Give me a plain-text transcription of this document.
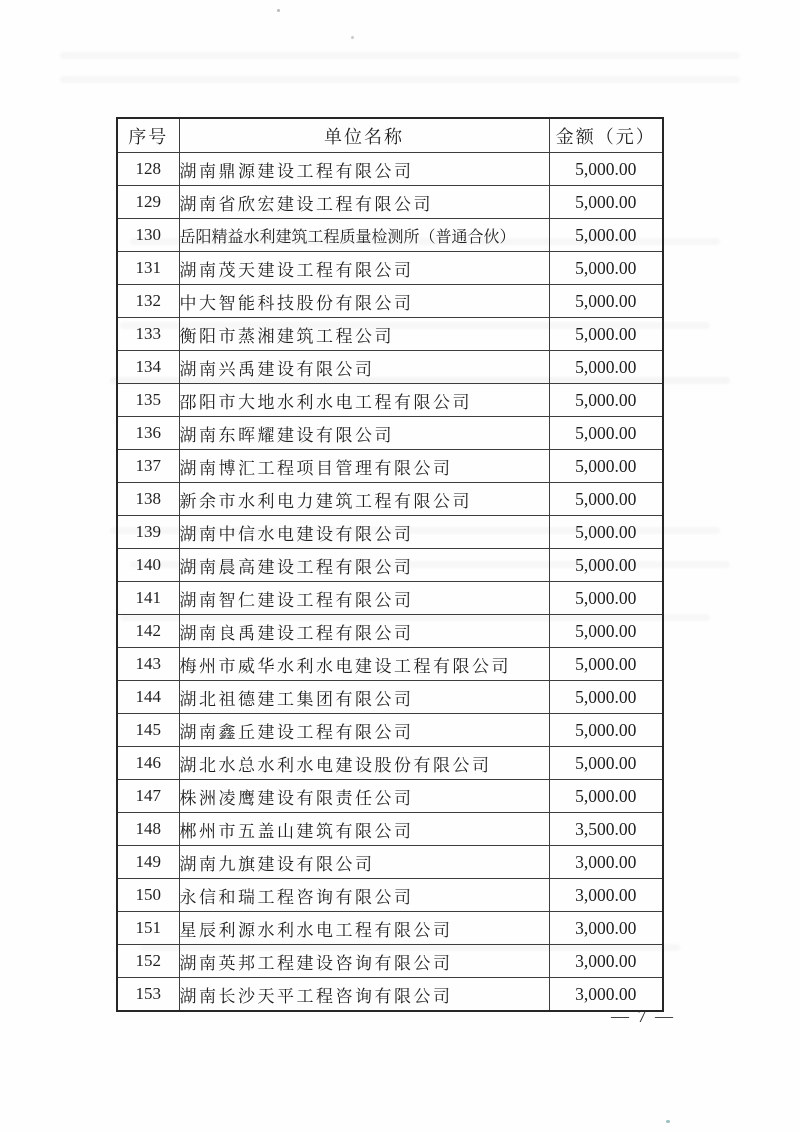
序号	单位名称	金额（元）
128	湖南鼎源建设工程有限公司	5,000.00
129	湖南省欣宏建设工程有限公司	5,000.00
130	岳阳精益水利建筑工程质量检测所（普通合伙）	5,000.00
131	湖南茂天建设工程有限公司	5,000.00
132	中大智能科技股份有限公司	5,000.00
133	衡阳市蒸湘建筑工程公司	5,000.00
134	湖南兴禹建设有限公司	5,000.00
135	邵阳市大地水利水电工程有限公司	5,000.00
136	湖南东晖耀建设有限公司	5,000.00
137	湖南博汇工程项目管理有限公司	5,000.00
138	新余市水利电力建筑工程有限公司	5,000.00
139	湖南中信水电建设有限公司	5,000.00
140	湖南晨高建设工程有限公司	5,000.00
141	湖南智仁建设工程有限公司	5,000.00
142	湖南良禹建设工程有限公司	5,000.00
143	梅州市威华水利水电建设工程有限公司	5,000.00
144	湖北祖德建工集团有限公司	5,000.00
145	湖南鑫丘建设工程有限公司	5,000.00
146	湖北水总水利水电建设股份有限公司	5,000.00
147	株洲凌鹰建设有限责任公司	5,000.00
148	郴州市五盖山建筑有限公司	3,500.00
149	湖南九旗建设有限公司	3,000.00
150	永信和瑞工程咨询有限公司	3,000.00
151	星辰利源水利水电工程有限公司	3,000.00
152	湖南英邦工程建设咨询有限公司	3,000.00
153	湖南长沙天平工程咨询有限公司	3,000.00
— 7 —
